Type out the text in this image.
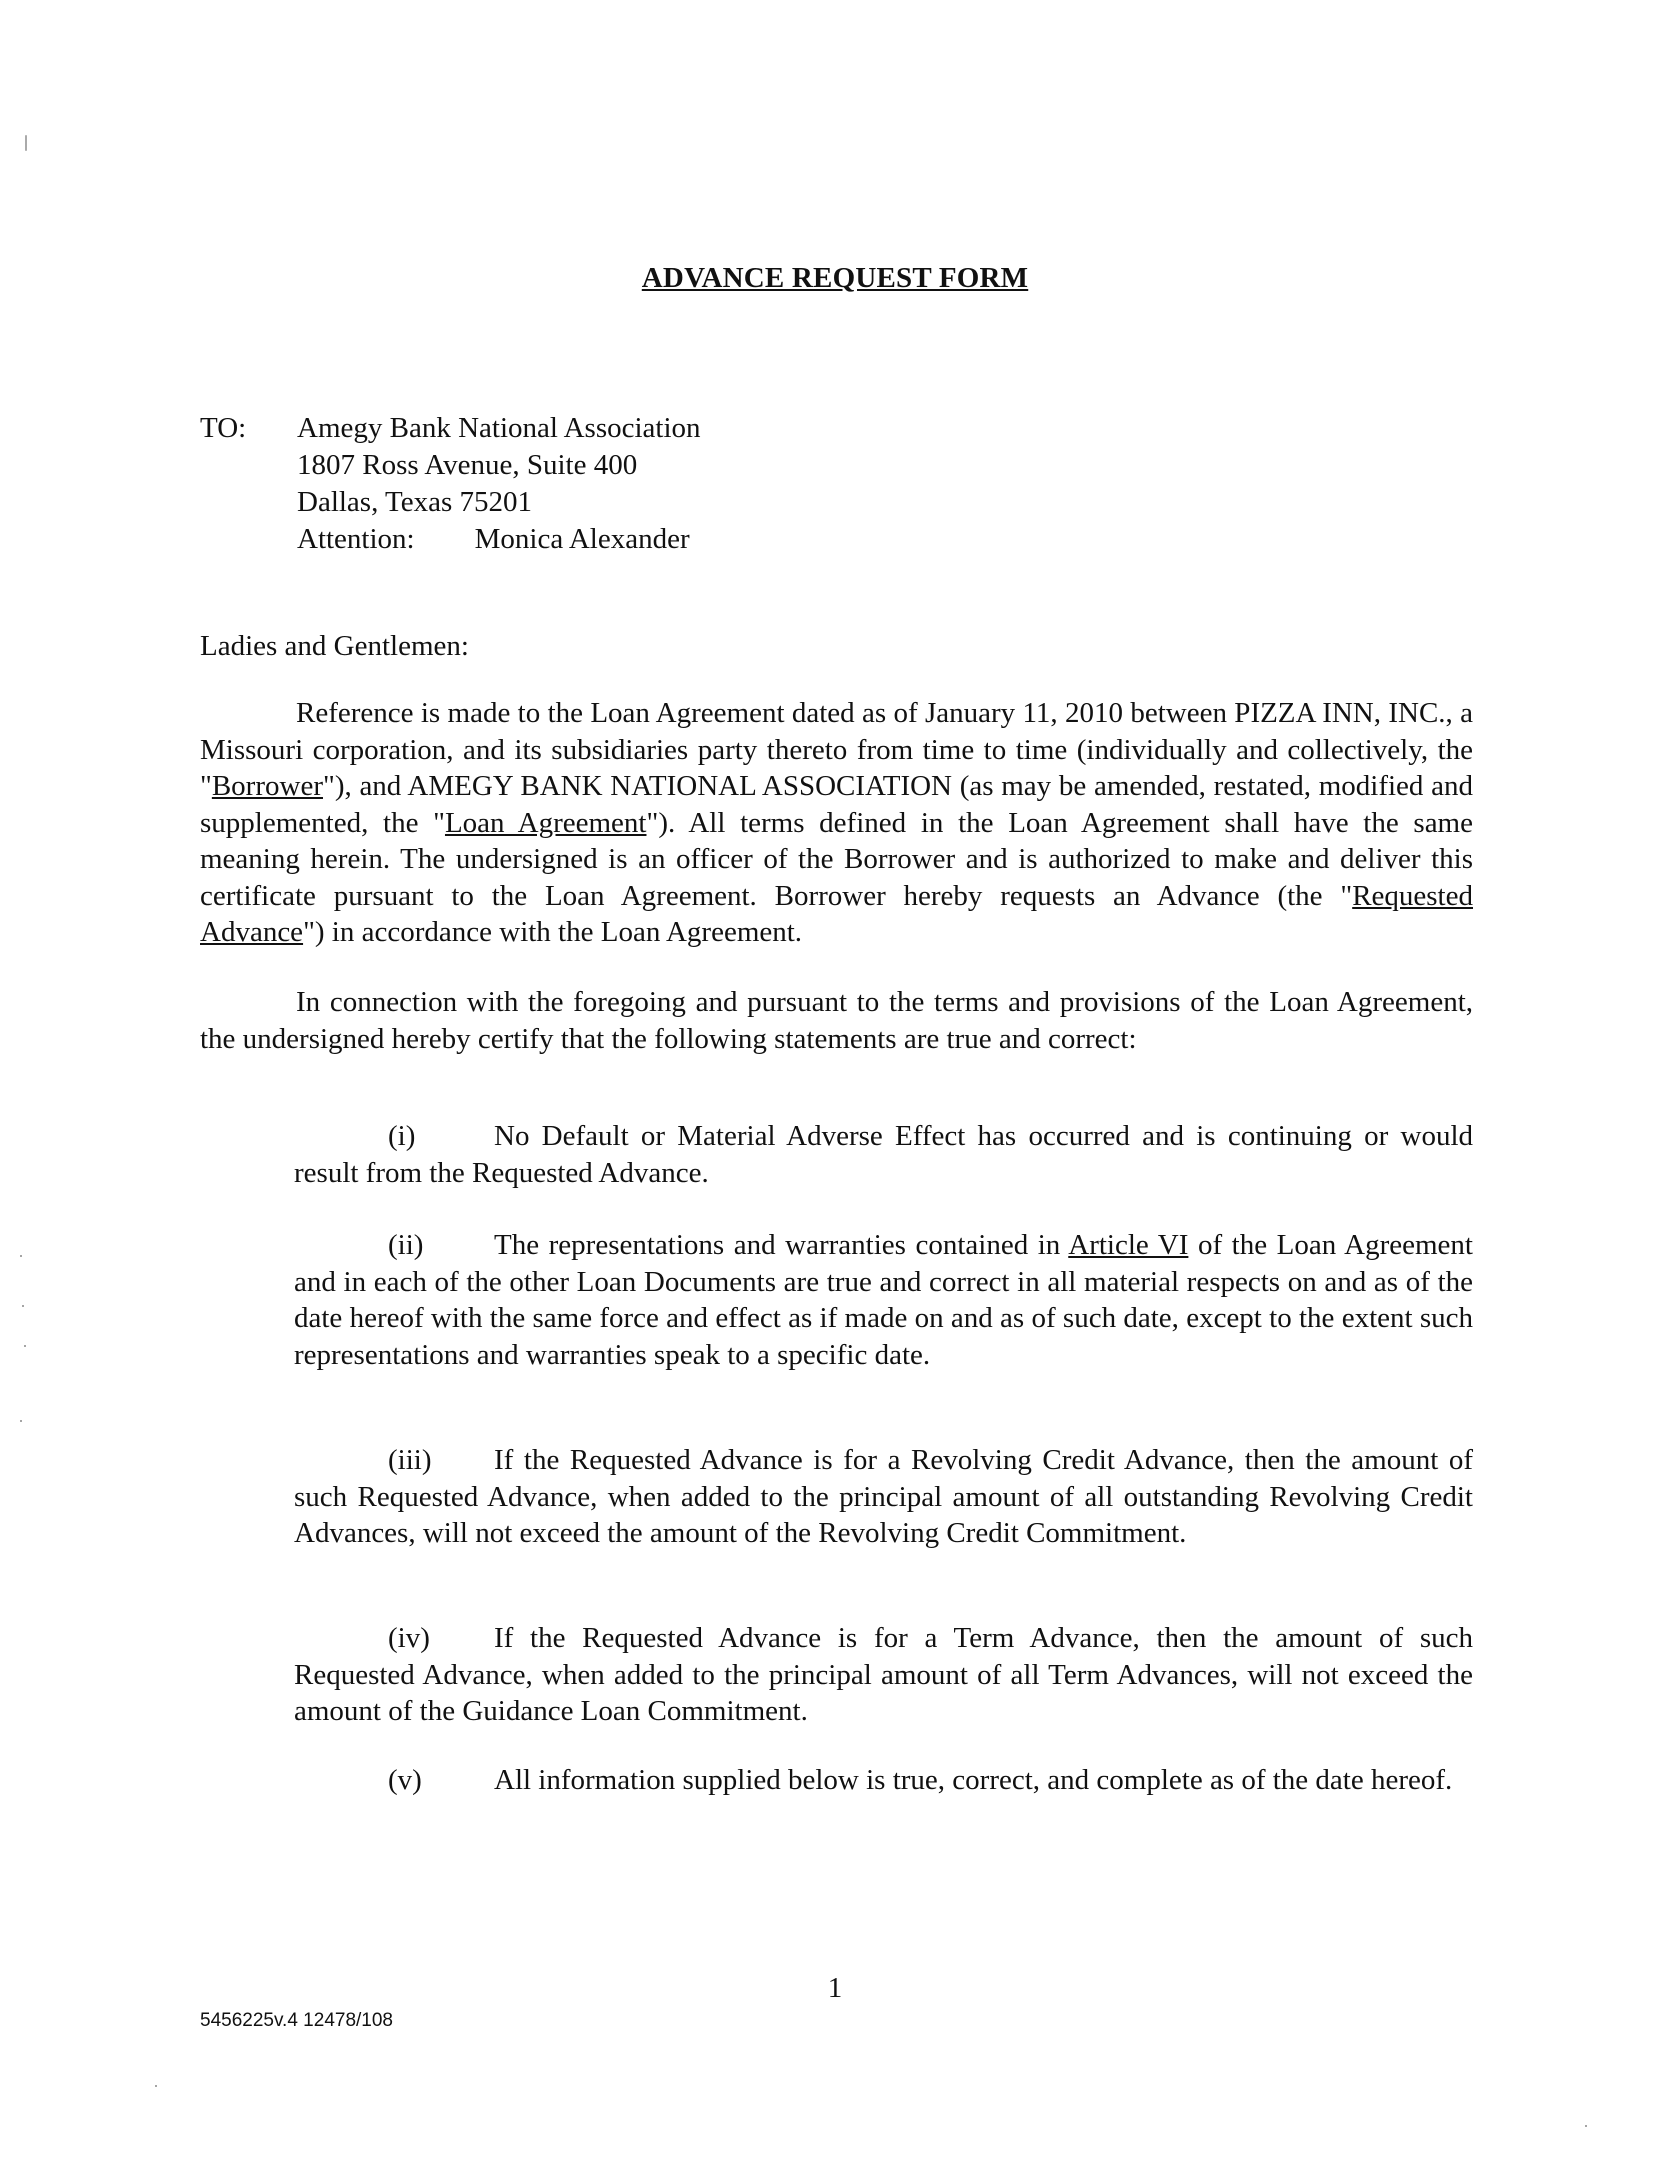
ADVANCE REQUEST FORM
TO: Amegy Bank National Association
1807 Ross Avenue, Suite 400
Dallas, Texas 75201
Attention: Monica Alexander
Ladies and Gentlemen:
Reference is made to the Loan Agreement dated as of January 11, 2010 between PIZZA INN, INC., a Missouri corporation, and its subsidiaries party thereto from time to time (individually and collectively, the "Borrower"), and AMEGY BANK NATIONAL ASSOCIATION (as may be amended, restated, modified and supplemented, the "Loan Agreement"). All terms defined in the Loan Agreement shall have the same meaning herein. The undersigned is an officer of the Borrower and is authorized to make and deliver this certificate pursuant to the Loan Agreement. Borrower hereby requests an Advance (the "Requested Advance") in accordance with the Loan Agreement.
In connection with the foregoing and pursuant to the terms and provisions of the Loan Agreement, the undersigned hereby certify that the following statements are true and correct:
(i)	No Default or Material Adverse Effect has occurred and is continuing or would result from the Requested Advance.
(ii) The representations and warranties contained in Article VI of the Loan Agreement and in each of the other Loan Documents are true and correct in all material respects on and as of the date hereof with the same force and effect as if made on and as of such date, except to the extent such representations and warranties speak to a specific date.
(iii) If the Requested Advance is for a Revolving Credit Advance, then the amount of such Requested Advance, when added to the principal amount of all outstanding Revolving Credit Advances, will not exceed the amount of the Revolving Credit Commitment.
(iv) If the Requested Advance is for a Term Advance, then the amount of such Requested Advance, when added to the principal amount of all Term Advances, will not exceed the amount of the Guidance Loan Commitment.
(v) All information supplied below is true, correct, and complete as of the date hereof.
1
5456225v.4 12478/108
